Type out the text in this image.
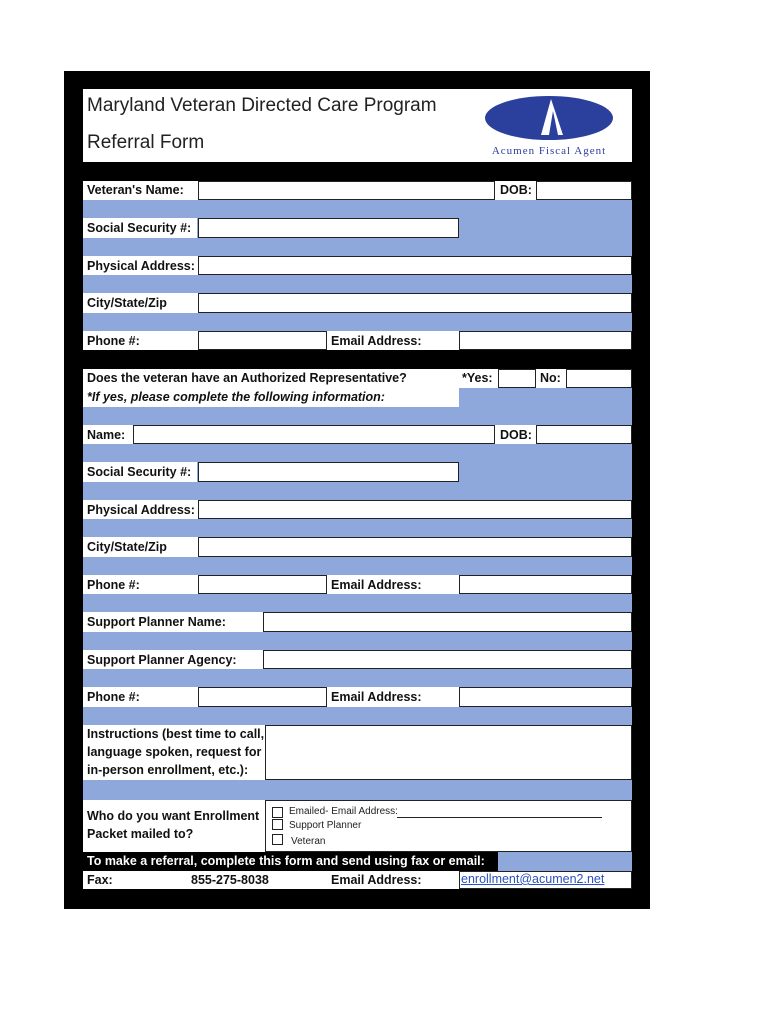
Maryland Veteran Directed Care Program
Referral Form	Acumen Fiscal Agent
Veteran's Name:	DOB:
Social Security #:
Physical Address:
City/State/Zip
Phone #:	Email Address:
Does the veteran have an Authorized Representative?
*If yes, please complete the following information:
*Yes:	No:
Name:	DOB:
Social Security #:
Physical Address:
City/State/Zip
Phone #:	Email Address:
Support Planner Name:
Support Planner Agency:
Phone #:	Email Address:
Instructions (best time to call,
language spoken, request for
in-person enrollment, etc.):
Who do you want Enrollment
Packet mailed to?
Emailed- Email Address:
Support Planner
Veteran
To make a referral, complete this form and send using fax or email:
Fax:	855-275-8038	Email Address:	enrollment@acumen2.net
